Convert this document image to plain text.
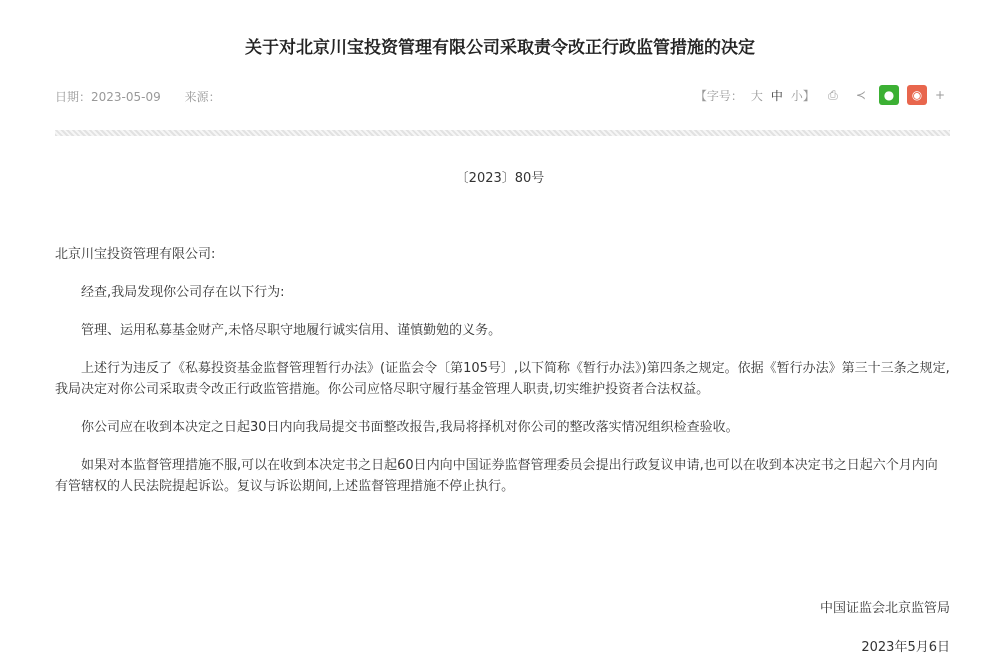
关于对北京川宝投资管理有限公司采取责令改正行政监管措施的决定
日期：2023-05-09 来源：	【字号： 大 中 小】	⎙	≺	●	◉	+
〔2023〕80号

北京川宝投资管理有限公司:

经查,我局发现你公司存在以下行为:

管理、运用私募基金财产,未恪尽职守地履行诚实信用、谨慎勤勉的义务。

上述行为违反了《私募投资基金监督管理暂行办法》(证监会令〔第105号〕,以下简称《暂行办法》)第四条之规定。依据《暂行办法》第三十三条之规定,我局决定对你公司采取责令改正行政监管措施。你公司应恪尽职守履行基金管理人职责,切实维护投资者合法权益。

你公司应在收到本决定之日起30日内向我局提交书面整改报告,我局将择机对你公司的整改落实情况组织检查验收。

如果对本监督管理措施不服,可以在收到本决定书之日起60日内向中国证券监督管理委员会提出行政复议申请,也可以在收到本决定书之日起六个月内向有管辖权的人民法院提起诉讼。复议与诉讼期间,上述监督管理措施不停止执行。

中国证监会北京监管局
2023年5月6日
